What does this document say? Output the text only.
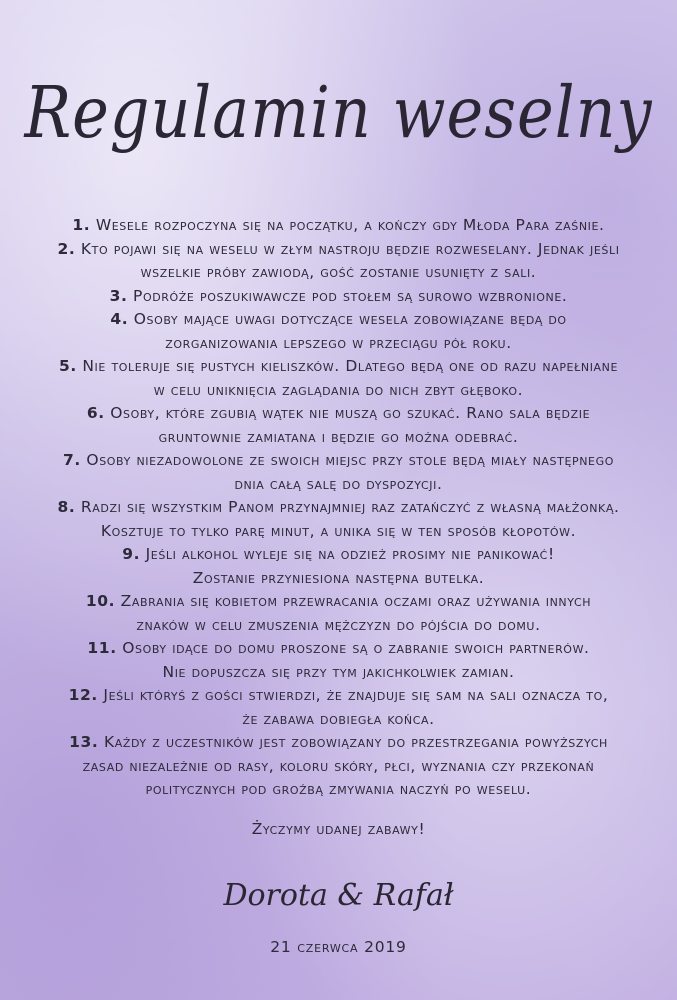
Regulamin weselny
1. Wesele rozpoczyna się na początku, a kończy gdy Młoda Para zaśnie.
2. Kto pojawi się na weselu w złym nastroju będzie rozweselany. Jednak jeśli
wszelkie próby zawiodą, gość zostanie usunięty z sali.
3. Podróże poszukiwawcze pod stołem są surowo wzbronione.
4. Osoby mające uwagi dotyczące wesela zobowiązane będą do
zorganizowania lepszego w przeciągu pół roku.
5. Nie toleruje się pustych kieliszków. Dlatego będą one od razu napełniane
w celu uniknięcia zaglądania do nich zbyt głęboko.
6. Osoby, które zgubią wątek nie muszą go szukać. Rano sala będzie
gruntownie zamiatana i będzie go można odebrać.
7. Osoby niezadowolone ze swoich miejsc przy stole będą miały następnego
dnia całą salę do dyspozycji.
8. Radzi się wszystkim Panom przynajmniej raz zatańczyć z własną małżonką.
Kosztuje to tylko parę minut, a unika się w ten sposób kłopotów.
9. Jeśli alkohol wyleje się na odzież prosimy nie panikować!
Zostanie przyniesiona następna butelka.
10. Zabrania się kobietom przewracania oczami oraz używania innych
znaków w celu zmuszenia mężczyzn do pójścia do domu.
11. Osoby idące do domu proszone są o zabranie swoich partnerów.
Nie dopuszcza się przy tym jakichkolwiek zamian.
12. Jeśli któryś z gości stwierdzi, że znajduje się sam na sali oznacza to,
że zabawa dobiegła końca.
13. Każdy z uczestników jest zobowiązany do przestrzegania powyższych
zasad niezależnie od rasy, koloru skóry, płci, wyznania czy przekonań
politycznych pod groźbą zmywania naczyń po weselu.
Życzymy udanej zabawy!
Dorota & Rafał
21 czerwca 2019
